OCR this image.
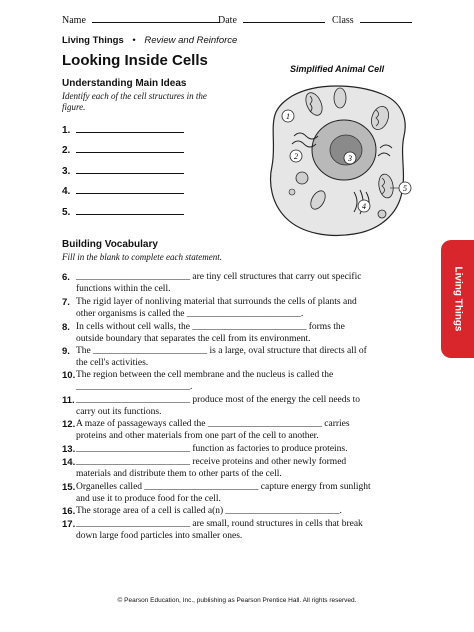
Name	Date	Class
Living Things • Review and Reinforce
Looking Inside Cells
Understanding Main Ideas
Identify each of the cell structures in the figure.
1.
2.
3.
4.
5.
Simplified Animal Cell
1
2	3
4
5
Living Things
Building Vocabulary
Fill in the blank to complete each statement.
6. ________________________ are tiny cell structures that carry out specific functions within the cell.
7. The rigid layer of nonliving material that surrounds the cells of plants and other organisms is called the ________________________.
8. In cells without cell walls, the ________________________ forms the outside boundary that separates the cell from its environment.
9. The ________________________ is a large, oval structure that directs all of the cell's activities.
10. The region between the cell membrane and the nucleus is called the ________________________.
11. ________________________ produce most of the energy the cell needs to carry out its functions.
12. A maze of passageways called the ________________________ carries proteins and other materials from one part of the cell to another.
13. ________________________ function as factories to produce proteins.
14. ________________________ receive proteins and other newly formed materials and distribute them to other parts of the cell.
15. Organelles called ________________________ capture energy from sunlight and use it to produce food for the cell.
16. The storage area of a cell is called a(n) ________________________.
17. ________________________ are small, round structures in cells that break down large food particles into smaller ones.
© Pearson Education, Inc., publishing as Pearson Prentice Hall. All rights reserved.
